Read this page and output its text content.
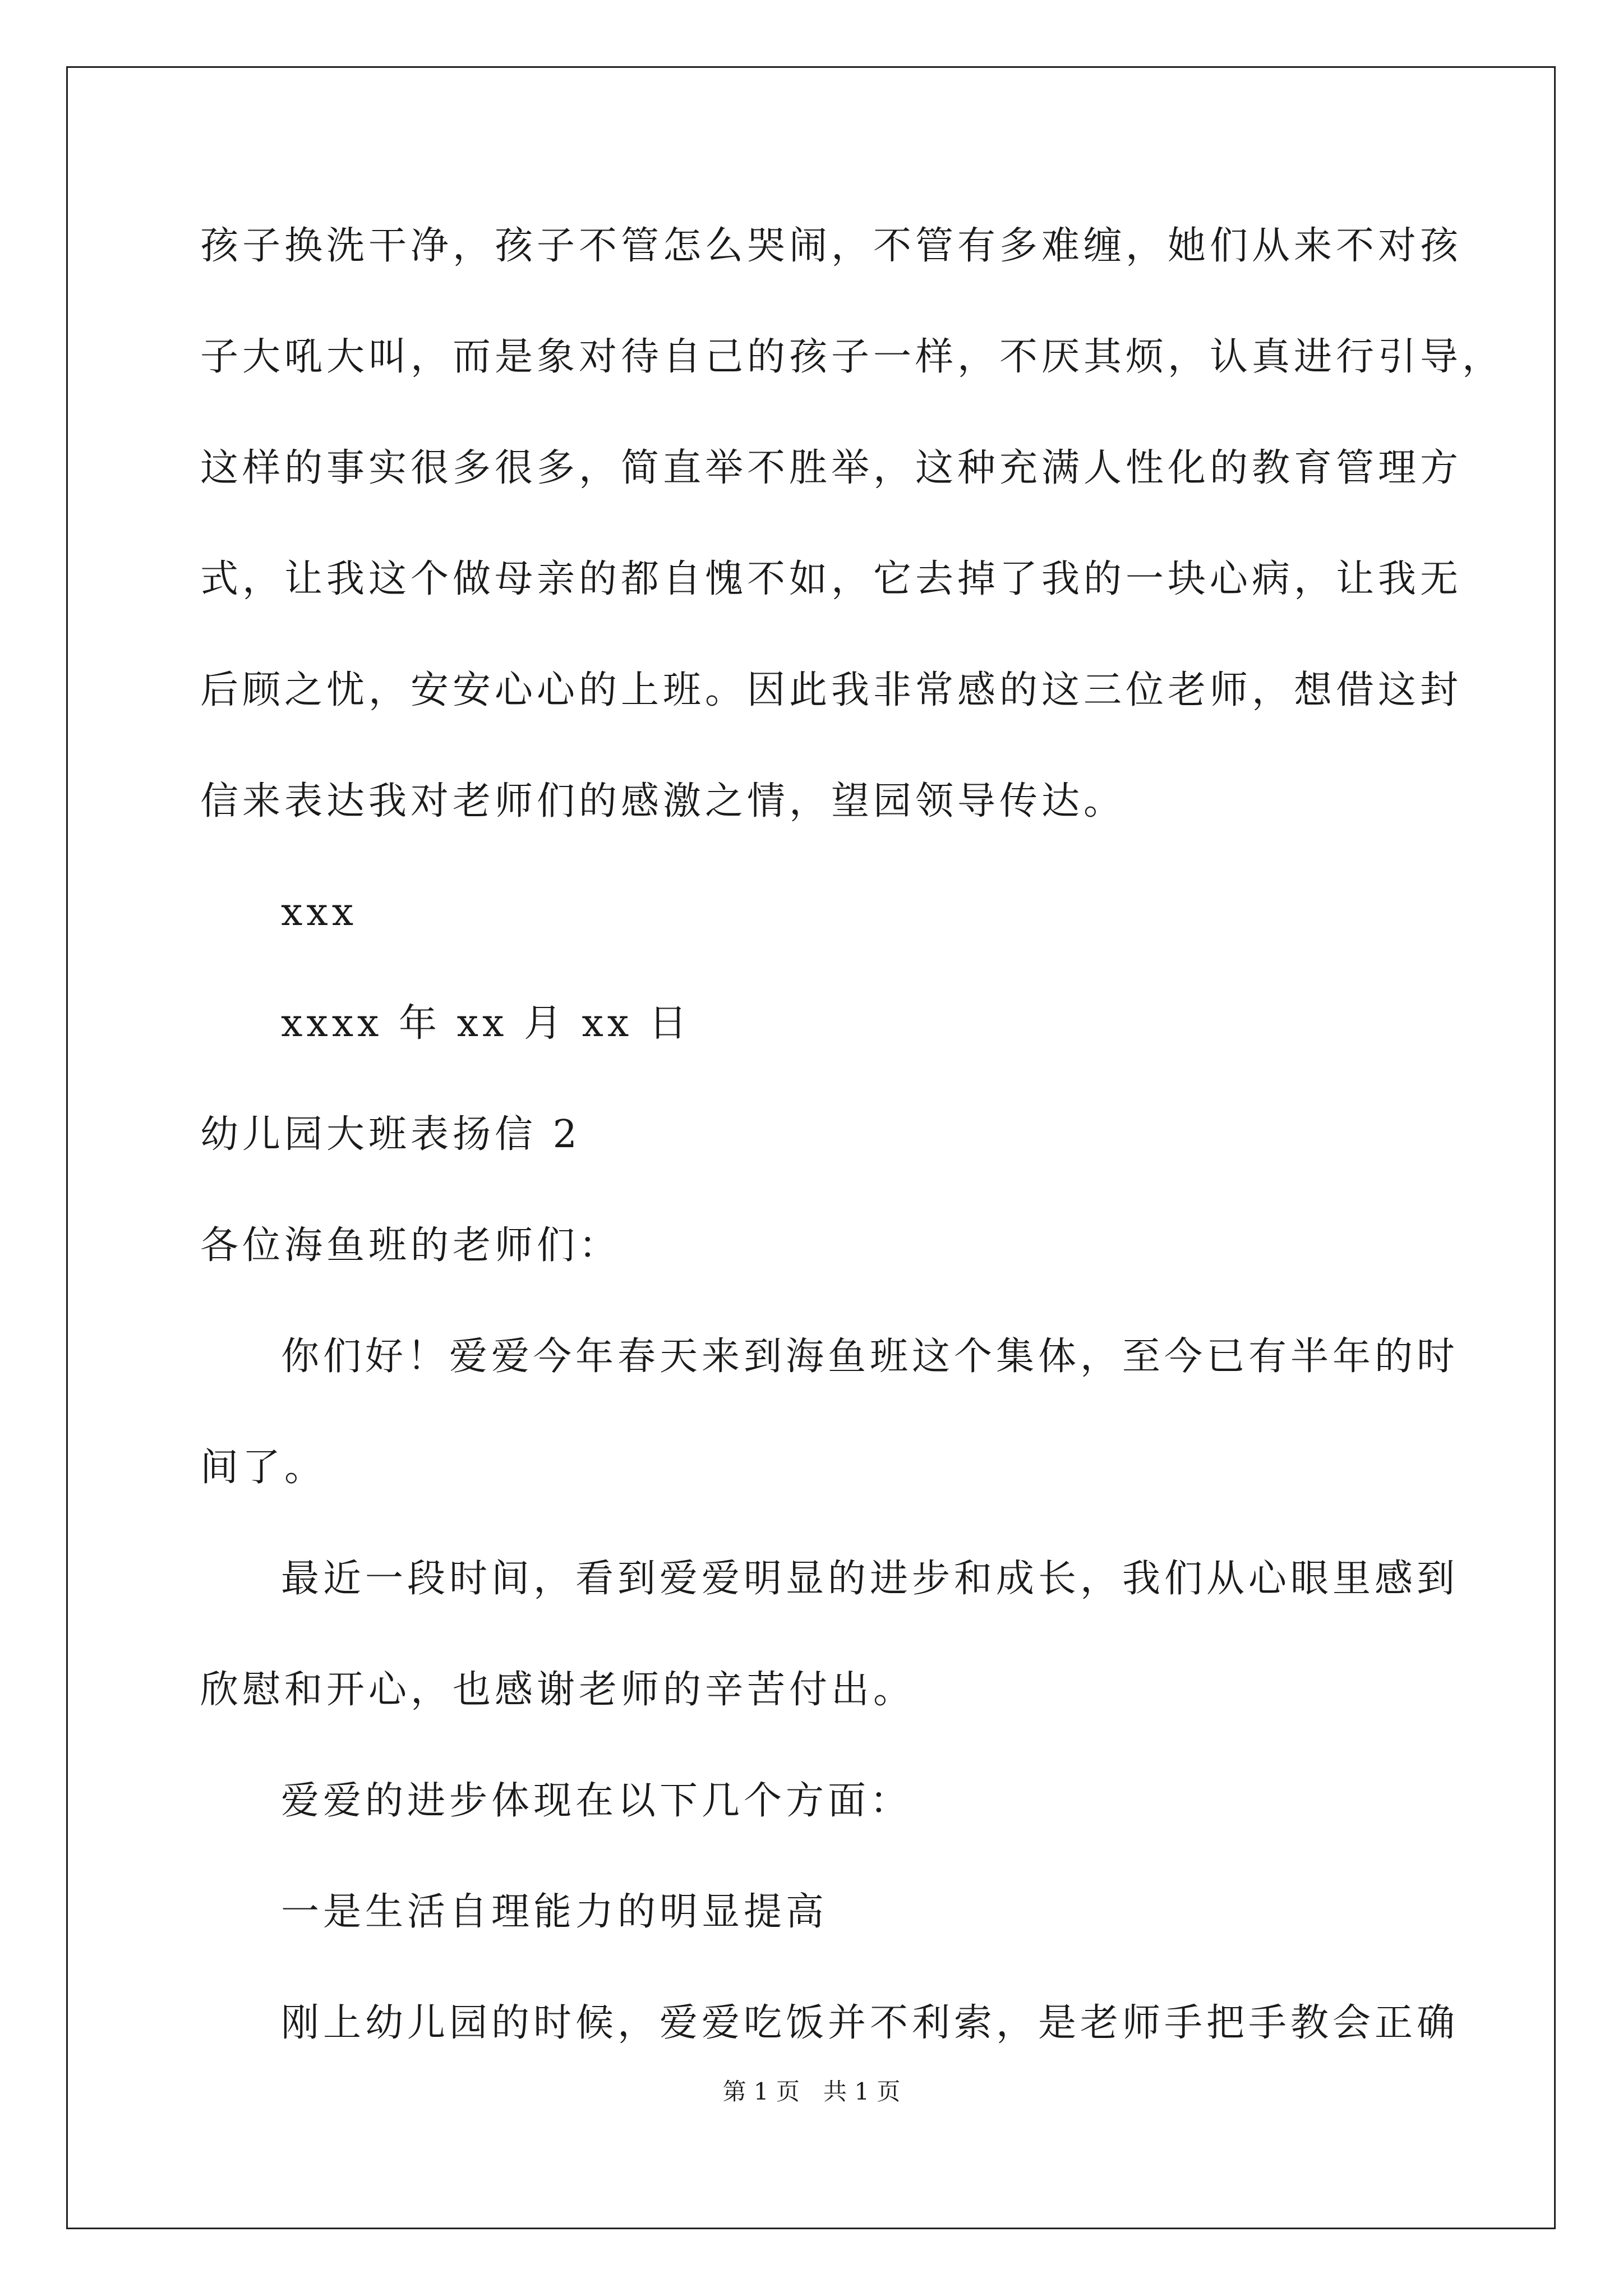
孩子换洗干净，孩子不管怎么哭闹，不管有多难缠，她们从来不对孩
子大吼大叫，而是象对待自己的孩子一样，不厌其烦，认真进行引导，
这样的事实很多很多，简直举不胜举，这种充满人性化的教育管理方
式，让我这个做母亲的都自愧不如，它去掉了我的一块心病，让我无
后顾之忧，安安心心的上班。因此我非常感的这三位老师，想借这封
信来表达我对老师们的感激之情，望园领导传达。
xxx
xxxx 年 xx 月 xx 日
幼儿园大班表扬信 2
各位海鱼班的老师们：
你们好！爱爱今年春天来到海鱼班这个集体，至今已有半年的时
间了。
最近一段时间，看到爱爱明显的进步和成长，我们从心眼里感到
欣慰和开心，也感谢老师的辛苦付出。
爱爱的进步体现在以下几个方面：
一是生活自理能力的明显提高
刚上幼儿园的时候，爱爱吃饭并不利索，是老师手把手教会正确
第 1 页　共 1 页
